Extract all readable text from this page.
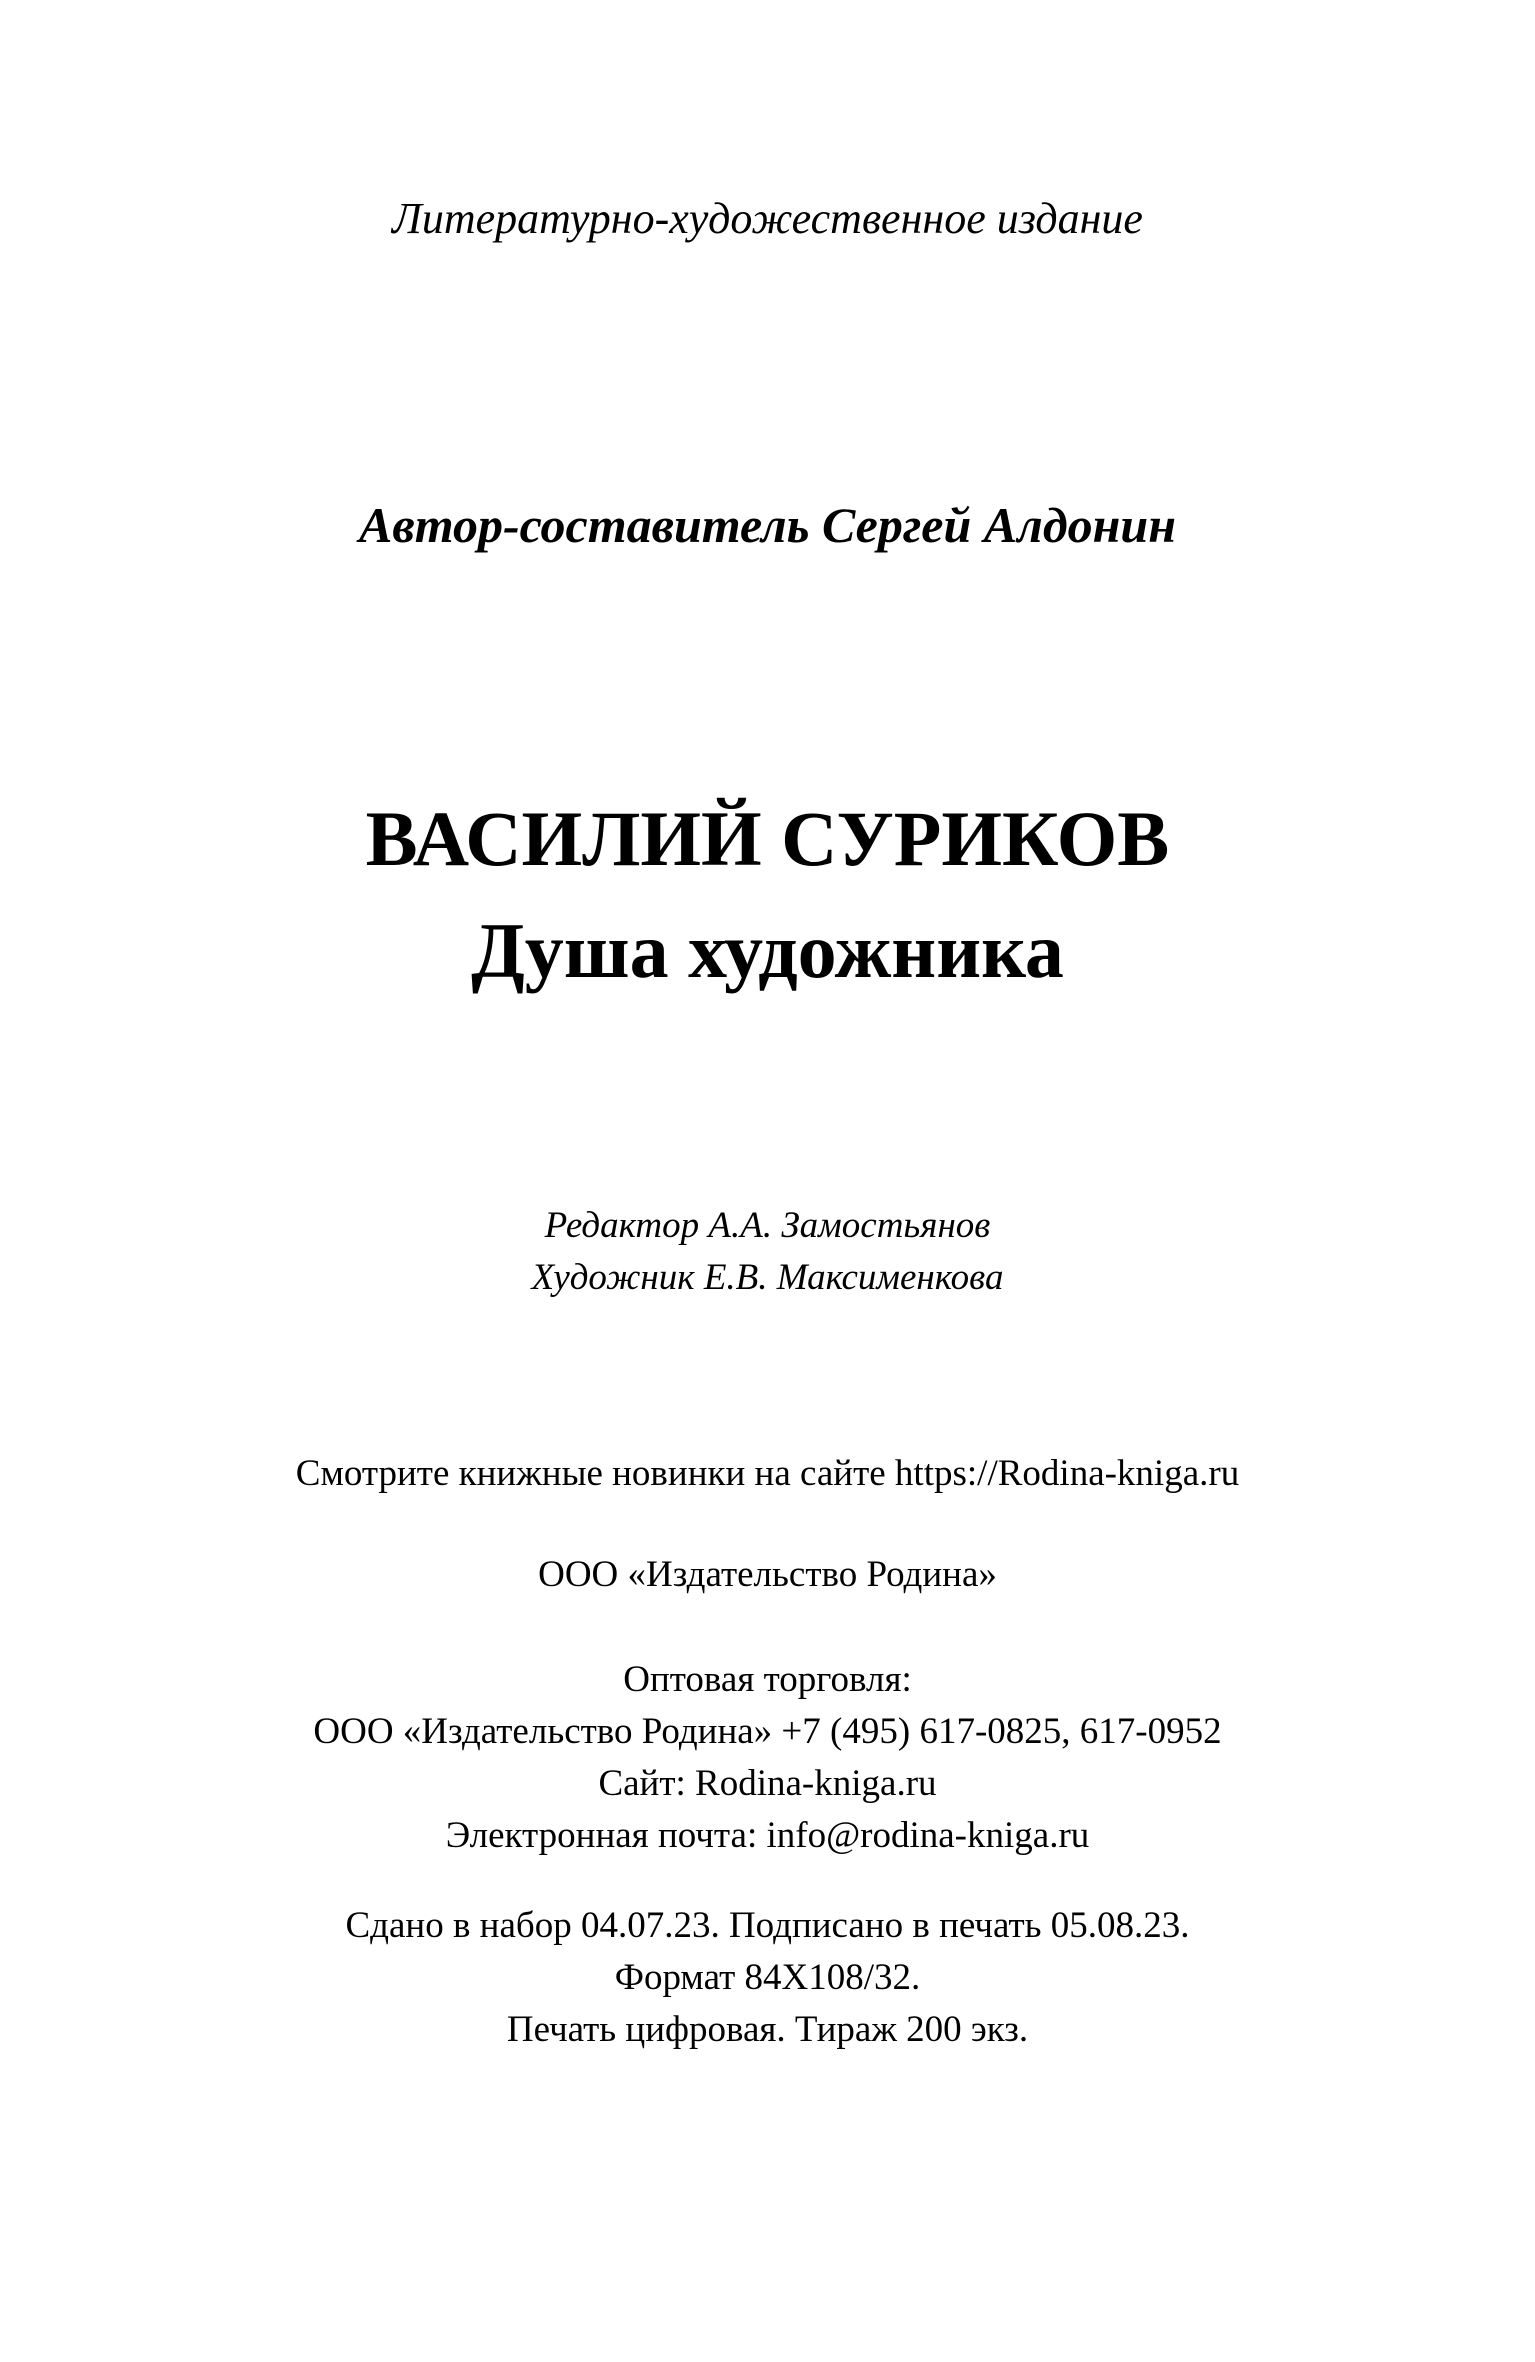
Литературно-художественное издание
Автор-составитель Сергей Алдонин
ВАСИЛИЙ СУРИКОВ
Душа художника
Редактор А.А. Замостьянов
Художник Е.В. Максименкова
Смотрите книжные новинки на сайте https://Rodina-kniga.ru
ООО «Издательство Родина»
Оптовая торговля:
ООО «Издательство Родина» +7 (495) 617-0825, 617-0952
Сайт: Rodina-kniga.ru
Электронная почта: info@rodina-kniga.ru
Сдано в набор 04.07.23. Подписано в печать 05.08.23.
Формат 84Х108/32.
Печать цифровая. Тираж 200 экз.
